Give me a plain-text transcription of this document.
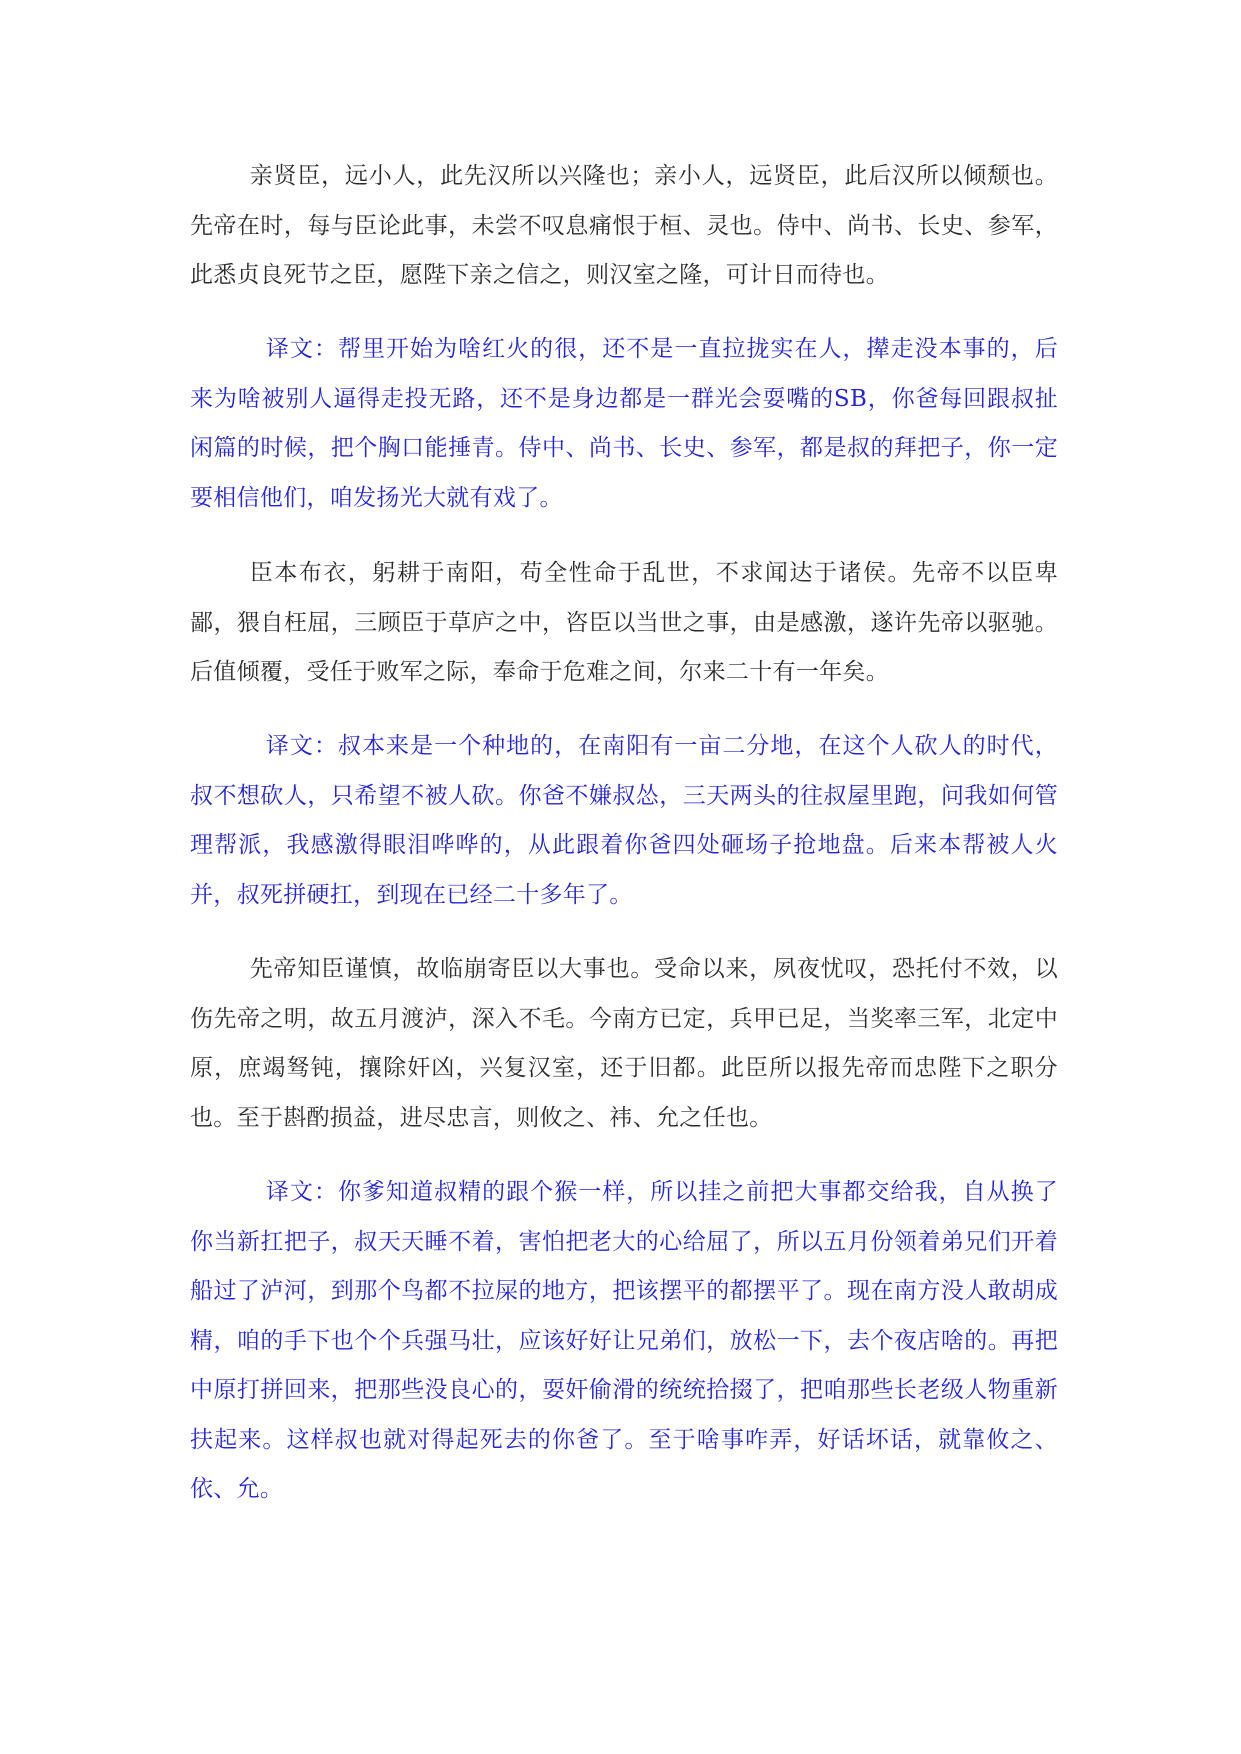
亲贤臣，远小人，此先汉所以兴隆也；亲小人，远贤臣，此后汉所以倾颓也。先帝在时，每与臣论此事，未尝不叹息痛恨于桓、灵也。侍中、尚书、长史、参军，此悉贞良死节之臣，愿陛下亲之信之，则汉室之隆，可计日而待也。

译文：帮里开始为啥红火的很，还不是一直拉拢实在人，撵走没本事的，后来为啥被别人逼得走投无路，还不是身边都是一群光会耍嘴的SB，你爸每回跟叔扯闲篇的时候，把个胸口能捶青。侍中、尚书、长史、参军，都是叔的拜把子，你一定要相信他们，咱发扬光大就有戏了。

臣本布衣，躬耕于南阳，苟全性命于乱世，不求闻达于诸侯。先帝不以臣卑鄙，猥自枉屈，三顾臣于草庐之中，咨臣以当世之事，由是感激，遂许先帝以驱驰。后值倾覆，受任于败军之际，奉命于危难之间，尔来二十有一年矣。

译文：叔本来是一个种地的，在南阳有一亩二分地，在这个人砍人的时代，叔不想砍人，只希望不被人砍。你爸不嫌叔怂，三天两头的往叔屋里跑，问我如何管理帮派，我感激得眼泪哗哗的，从此跟着你爸四处砸场子抢地盘。后来本帮被人火并，叔死拼硬扛，到现在已经二十多年了。

先帝知臣谨慎，故临崩寄臣以大事也。受命以来，夙夜忧叹，恐托付不效，以伤先帝之明，故五月渡泸，深入不毛。今南方已定，兵甲已足，当奖率三军，北定中原，庶竭驽钝，攘除奸凶，兴复汉室，还于旧都。此臣所以报先帝而忠陛下之职分也。至于斟酌损益，进尽忠言，则攸之、祎、允之任也。

译文：你爹知道叔精的跟个猴一样，所以挂之前把大事都交给我，自从换了你当新扛把子，叔天天睡不着，害怕把老大的心给屈了，所以五月份领着弟兄们开着船过了泸河，到那个鸟都不拉屎的地方，把该摆平的都摆平了。现在南方没人敢胡成精，咱的手下也个个兵强马壮，应该好好让兄弟们，放松一下，去个夜店啥的。再把中原打拼回来，把那些没良心的，耍奸偷滑的统统拾掇了，把咱那些长老级人物重新扶起来。这样叔也就对得起死去的你爸了。至于啥事咋弄，好话坏话，就靠攸之、依、允。
